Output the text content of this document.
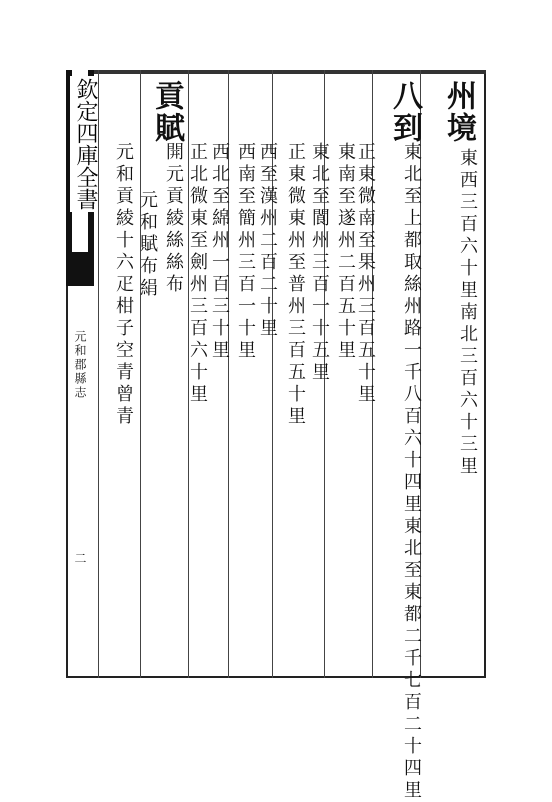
欽定四庫全書	州境
東西三百六十里南北三百六十三里
八到
東北至上都取絲州路一千八百六十四里東北至東都二千七百二十四里
正東微南至果州三百五十里
東南至遂州二百五十里
東北至閬州三百一十五里
正東微東州至普州三百五十里
西至漢州二百二十里
西南至簡州三百一十里
西北至綿州一百三十里
正北微東至劍州三百六十里
貢賦
開元貢綾絲絲布
元和貢綾十六疋柑子空青曾青 元和賦布絹
元和郡縣志
二
